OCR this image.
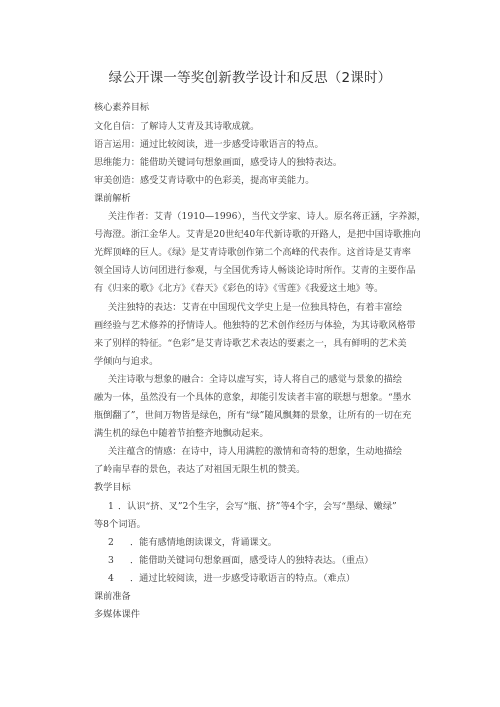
绿公开课一等奖创新教学设计和反思（2课时）
核心素养目标
文化自信：了解诗人艾青及其诗歌成就。
语言运用：通过比较阅读，进一步感受诗歌语言的特点。
思维能力：能借助关键词句想象画面，感受诗人的独特表达。
审美创造：感受艾青诗歌中的色彩美，提高审美能力。
课前解析
关注作者：艾青（1910—1996），当代文学家、诗人。原名蒋正涵，字养源，
号海澄。浙江金华人。艾青是20世纪40年代新诗歌的开路人，是把中国诗歌推向
光辉顶峰的巨人。《绿》是艾青诗歌创作第二个高峰的代表作。这首诗是艾青率
领全国诗人访问团进行参观，与全国优秀诗人畅谈论诗时所作。艾青的主要作品
有《归来的歌》《北方》《春天》《彩色的诗》《雪莲》《我爱这土地》等。
关注独特的表达：艾青在中国现代文学史上是一位独具特色，有着丰富绘
画经验与艺术修养的抒情诗人。他独特的艺术创作经历与体验，为其诗歌风格带
来了别样的特征。“色彩”是艾青诗歌艺术表达的要素之一，具有鲜明的艺术美
学倾向与追求。
关注诗歌与想象的融合：全诗以虚写实，诗人将自己的感觉与景象的描绘
融为一体，虽然没有一个具体的意象，却能引发读者丰富的联想与想象。“墨水
瓶倒翻了”，世间万物皆是绿色，所有“绿”随风飘舞的景象，让所有的一切在充
满生机的绿色中随着节拍整齐地飘动起来。
关注蕴含的情感：在诗中，诗人用满腔的激情和奇特的想象，生动地描绘
了岭南早春的景色，表达了对祖国无限生机的赞美。
教学目标
1 ．认识“挤、叉”2个生字，会写“瓶、挤”等4个字，会写“墨绿、嫩绿”
等8个词语。
2 ．能有感情地朗读课文，背诵课文。
3 ．能借助关键词句想象画面，感受诗人的独特表达。（重点）
4 ．通过比较阅读，进一步感受诗歌语言的特点。（难点）
课前准备
多媒体课件
